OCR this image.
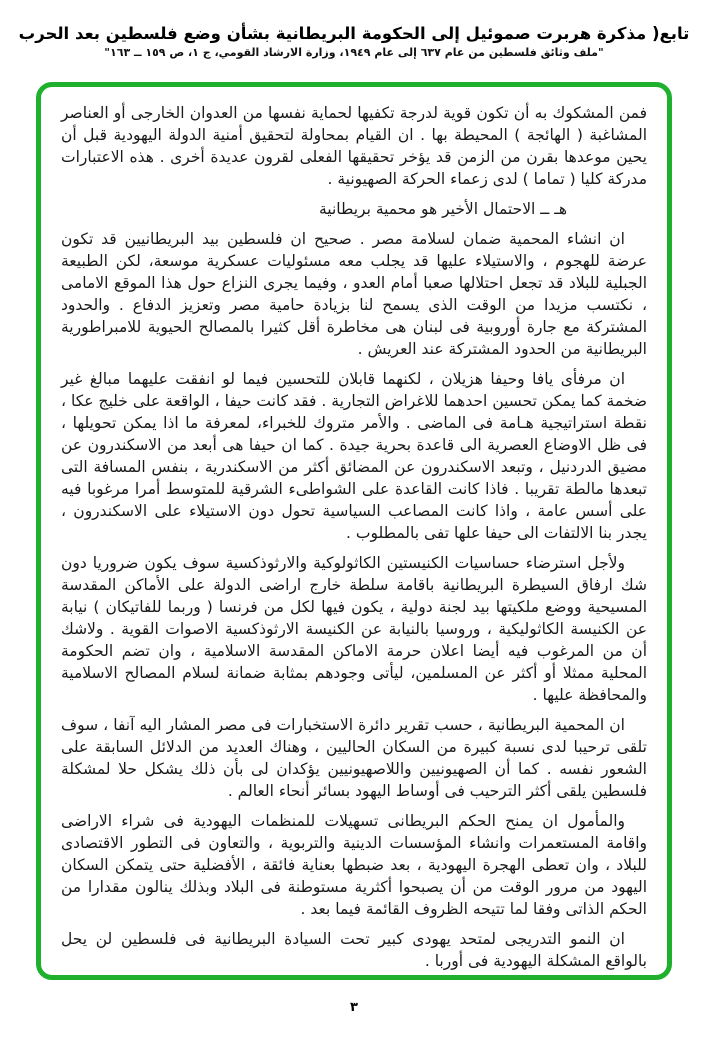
تابع( مذكرة هربرت صموئيل إلى الحكومة البريطانية بشأن وضع فلسطين بعد الحرب
"ملف وثائق فلسطين من عام ٦٣٧ إلى عام ١٩٤٩، وزارة الارشاد القومي، ج ١، ص ١٥٩ ــ ١٦٣"

فمن المشكوك به أن تكون قوية لدرجة تكفيها لحماية نفسها من العدوان الخارجى أو العناصر المشاغبة ( الهائجة ) المحيطة بها . ان القيام بمحاولة لتحقيق أمنية الدولة اليهودية قبل أن يحين موعدها بقرن من الزمن قد يؤخر تحقيقها الفعلى لقرون عديدة أخرى . هذه الاعتبارات مدركة كليا ( تماما ) لدى زعماء الحركة الصهيونية .

هـ ــ الاحتمال الأخير هو محمية بريطانية

ان انشاء المحمية ضمان لسلامة مصر . صحيح ان فلسطين بيد البريطانيين قد تكون عرضة للهجوم ، والاستيلاء عليها قد يجلب معه مسئوليات عسكرية موسعة، لكن الطبيعة الجبلية للبلاد قد تجعل احتلالها صعبا أمام العدو ، وفيما يجرى النزاع حول هذا الموقع الامامى ، نكتسب مزيدا من الوقت الذى يسمح لنا بزيادة حامية مصر وتعزيز الدفاع . والحدود المشتركة مع جارة أوروبية فى لبنان هى مخاطرة أقل كثيرا بالمصالح الحيوية للامبراطورية البريطانية من الحدود المشتركة عند العريش .

ان مرفأى يافا وحيفا هزيلان ، لكنهما قابلان للتحسين فيما لو انفقت عليهما مبالغ غير ضخمة كما يمكن تحسين احدهما للاغراض التجارية . فقد كانت حيفا ، الواقعة على خليج عكا ، نقطة استراتيجية هـامة فى الماضى . والأمر متروك للخبراء، لمعرفة ما اذا يمكن تحويلها ، فى ظل الاوضاع العصرية الى قاعدة بحرية جيدة . كما ان حيفا هى أبعد من الاسكندرون عن مضيق الدردنيل ، وتبعد الاسكندرون عن المضائق أكثر من الاسكندرية ، بنفس المسافة التى تبعدها مالطة تقريبا . فاذا كانت القاعدة على الشواطىء الشرقية للمتوسط أمرا مرغوبا فيه على أسس عامة ، واذا كانت المصاعب السياسية تحول دون الاستيلاء على الاسكندرون ، يجدر بنا الالتفات الى حيفا علها تفى بالمطلوب .

ولأجل استرضاء حساسيات الكنيستين الكاثولوكية والارثوذكسية سوف يكون ضروريا دون شك ارفاق السيطرة البريطانية باقامة سلطة خارج اراضى الدولة على الأماكن المقدسة المسيحية ووضع ملكيتها بيد لجنة دولية ، يكون فيها لكل من فرنسا ( وربما للفاتيكان ) نيابة عن الكنيسة الكاثوليكية ، وروسيا بالنيابة عن الكنيسة الارثوذكسية الاصوات القوية . ولاشك أن من المرغوب فيه أيضا اعلان حرمة الاماكن المقدسة الاسلامية ، وان تضم الحكومة المحلية ممثلا أو أكثر عن المسلمين، ليأتى وجودهم بمثابة ضمانة لسلام المصالح الاسلامية والمحافظة عليها .

ان المحمية البريطانية ، حسب تقرير دائرة الاستخبارات فى مصر المشار اليه آنفا ، سوف تلقى ترحيبا لدى نسبة كبيرة من السكان الحاليين ، وهناك العديد من الدلائل السابقة على الشعور نفسه . كما أن الصهيونيين واللاصهيونيين يؤكدان لى بأن ذلك يشكل حلا لمشكلة فلسطين يلقى أكثر الترحيب فى أوساط اليهود بسائر أنحاء العالم .

والمأمول ان يمنح الحكم البريطانى تسهيلات للمنظمات اليهودية فى شراء الاراضى واقامة المستعمرات وانشاء المؤسسات الدينية والتربوية ، والتعاون فى التطور الاقتصادى للبلاد ، وان تعطى الهجرة اليهودية ، بعد ضبطها بعناية فائقة ، الأفضلية حتى يتمكن السكان اليهود من مرور الوقت من أن يصبحوا أكثرية مستوطنة فى البلاد وبذلك ينالون مقدارا من الحكم الذاتى وفقا لما تتيحه الظروف القائمة فيما بعد .

ان النمو التدريجى لمتحد يهودى كبير تحت السيادة البريطانية فى فلسطين لن يحل بالواقع المشكلة اليهودية فى أوربا .

٣
